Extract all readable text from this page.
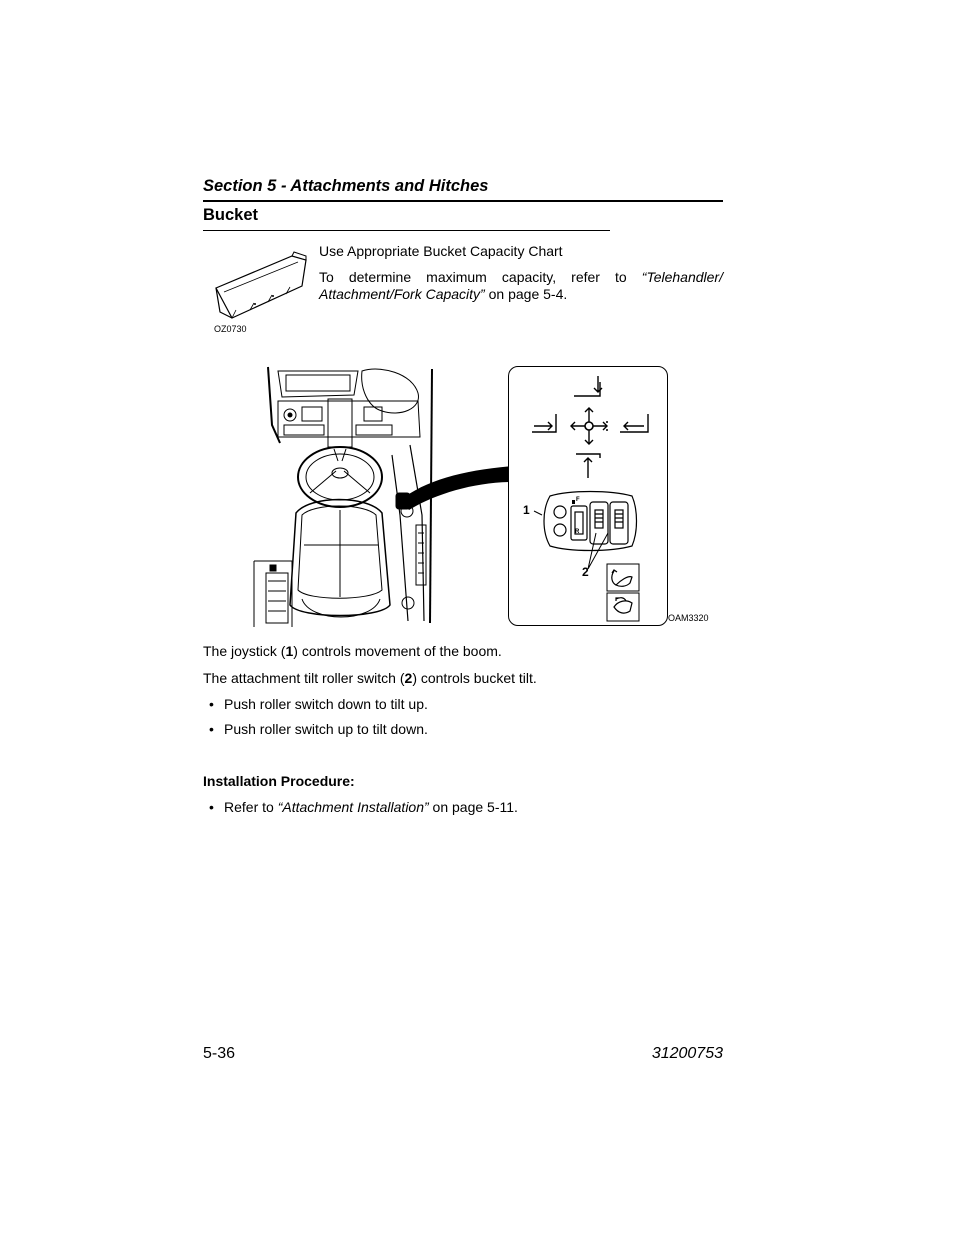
Section 5 - Attachments and Hitches
Bucket
OZ0730
Use Appropriate Bucket Capacity Chart
To determine maximum capacity, refer to “Telehandler/ Attachment/Fork Capacity” on page 5-4.
R
F
1
2
OAM3320
The joystick (1) controls movement of the boom.
The attachment tilt roller switch (2) controls bucket tilt.
• Push roller switch down to tilt up.
• Push roller switch up to tilt down.
Installation Procedure:
• Refer to “Attachment Installation” on page 5-11.
5-36	31200753
